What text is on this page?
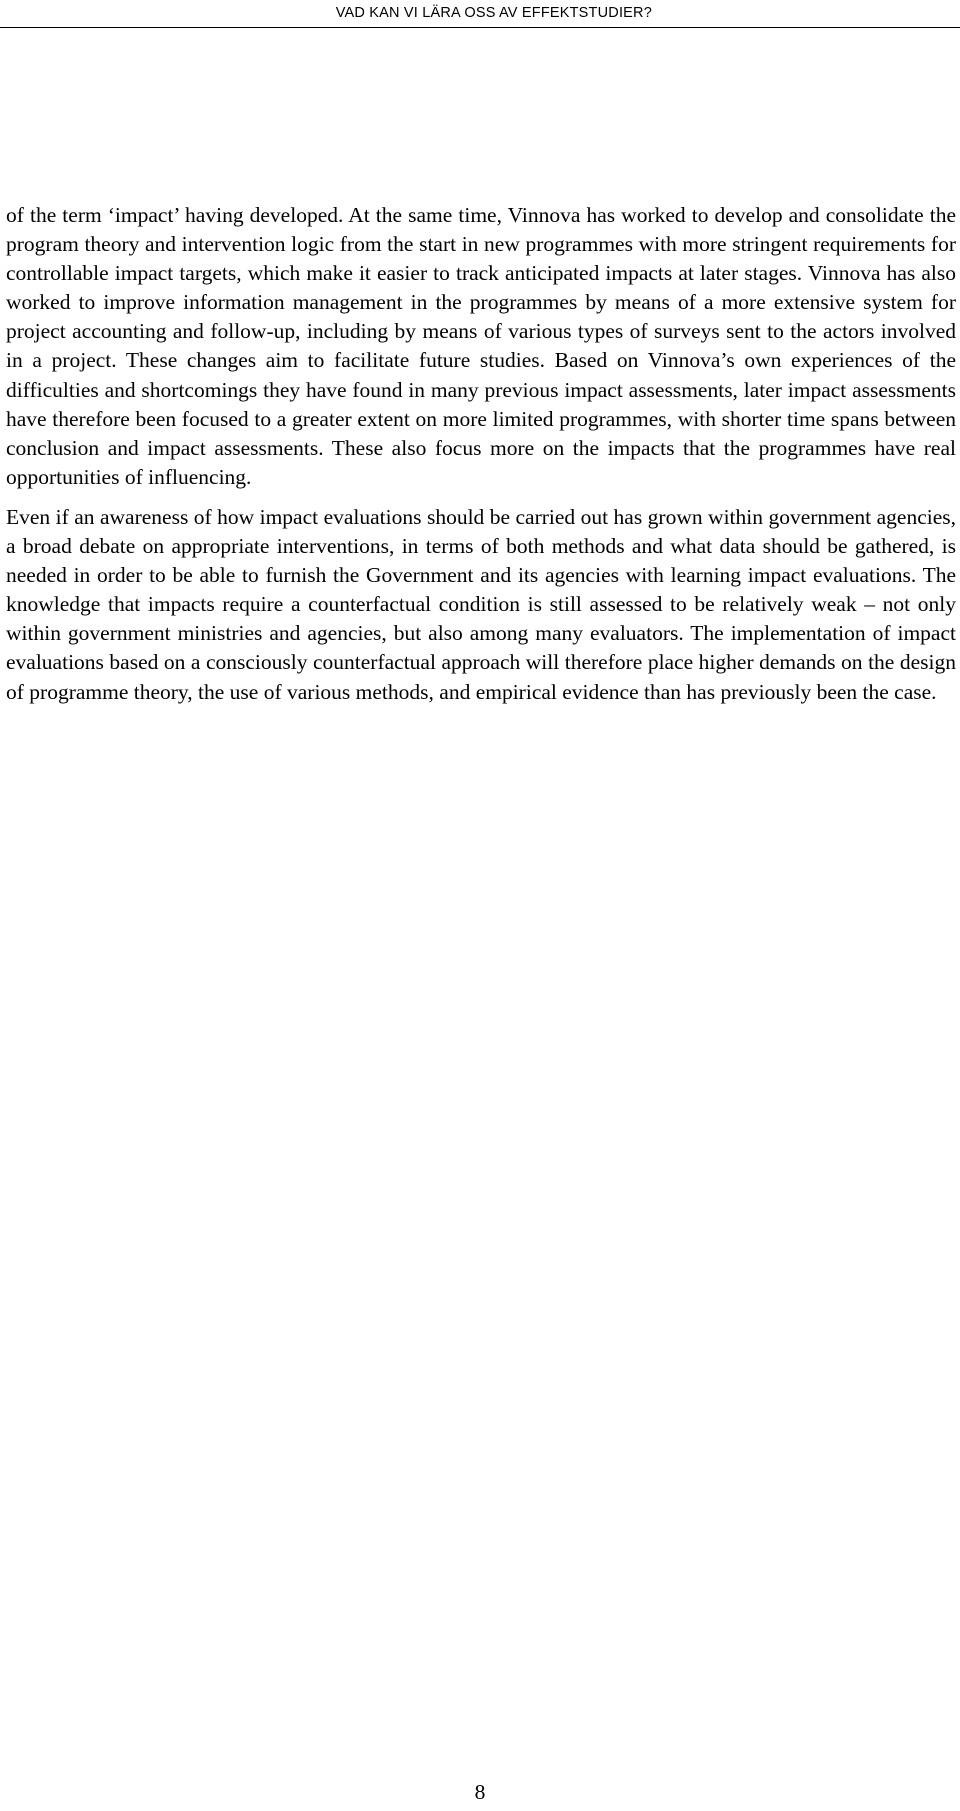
VAD KAN VI LÄRA OSS AV EFFEKTSTUDIER?

of the term ‘impact’ having developed. At the same time, Vinnova has worked to develop and consolidate the program theory and intervention logic from the start in new programmes with more stringent requirements for controllable impact targets, which make it easier to track anticipated impacts at later stages. Vinnova has also worked to improve information management in the programmes by means of a more extensive system for project accounting and follow-up, including by means of various types of surveys sent to the actors involved in a project. These changes aim to facilitate future studies. Based on Vinnova’s own experiences of the difficulties and shortcomings they have found in many previous impact assessments, later impact assessments have therefore been focused to a greater extent on more limited programmes, with shorter time spans between conclusion and impact assessments. These also focus more on the impacts that the programmes have real opportunities of influencing.

Even if an awareness of how impact evaluations should be carried out has grown within government agencies, a broad debate on appropriate interventions, in terms of both methods and what data should be gathered, is needed in order to be able to furnish the Government and its agencies with learning impact evaluations. The knowledge that impacts require a counterfactual condition is still assessed to be relatively weak – not only within government ministries and agencies, but also among many evaluators. The implementation of impact evaluations based on a consciously counterfactual approach will therefore place higher demands on the design of programme theory, the use of various methods, and empirical evidence than has previously been the case.

8
